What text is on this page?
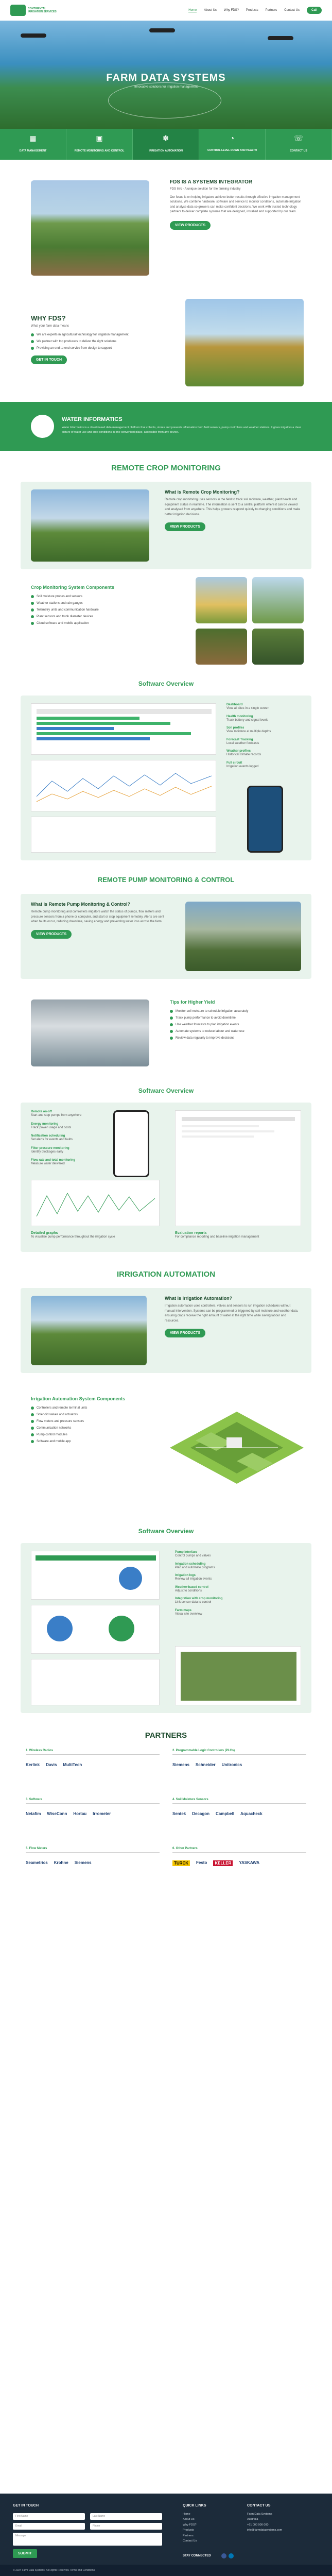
CONTINENTAL IRRIGATION SERVICES
Home About Us Why FDS? Products Partners Contact Us	Call
FARM DATA SYSTEMS
Innovative solutions for irrigation management
▦
DATA MANAGEMENT
▣
REMOTE MONITORING AND CONTROL
✽
IRRIGATION AUTOMATION
◔
CONTROL LEVEL DOWN AND HEALTH
☏
CONTACT US
FDS IS A SYSTEMS INTEGRATOR
FDS Info - A unique solution for the farming industry
Our focus is on helping irrigators achieve better results through effective irrigation management solutions. We combine hardware, software and service to monitor conditions, automate irrigation and analyse data so growers can make confident decisions. We work with trusted technology partners to deliver complete systems that are designed, installed and supported by our team.
VIEW PRODUCTS
WHY FDS?
What your farm data means
We are experts in agricultural technology for irrigation management
We partner with top producers to deliver the right solutions
Providing an end-to-end service from design to support
GET IN TOUCH
WATER INFORMATICS
Water Informatics is a cloud-based data management platform that collects, stores and presents information from field sensors, pump controllers and weather stations. It gives irrigators a clear picture of water use and crop conditions in one convenient place, accessible from any device.
REMOTE CROP MONITORING
What is Remote Crop Monitoring?
Remote crop monitoring uses sensors in the field to track soil moisture, weather, plant health and equipment status in real time. The information is sent to a central platform where it can be viewed and analysed from anywhere. This helps growers respond quickly to changing conditions and make better irrigation decisions.
VIEW PRODUCTS
Crop Monitoring System Components
Soil moisture probes and sensors
Weather stations and rain gauges
Telemetry units and communication hardware
Plant sensors and trunk diameter devices
Cloud software and mobile application
Software Overview
Dashboard
View all sites in a single screen
Health monitoring
Track battery and signal levels
Soil profiles
View moisture at multiple depths
Forecast Tracking
Local weather forecasts
Weather profiles
Historical climate records
Full circuit
Irrigation events logged
REMOTE PUMP MONITORING & CONTROL
What is Remote Pump Monitoring & Control?
Remote pump monitoring and control lets irrigators watch the status of pumps, flow meters and pressure sensors from a phone or computer, and start or stop equipment remotely. Alerts are sent when faults occur, reducing downtime, saving energy and preventing water loss across the farm.
VIEW PRODUCTS
Tips for Higher Yield
Monitor soil moisture to schedule irrigation accurately
Track pump performance to avoid downtime
Use weather forecasts to plan irrigation events
Automate systems to reduce labour and water use
Review data regularly to improve decisions
Software Overview
Remote on-off
Start and stop pumps from anywhere
Energy monitoring
Track power usage and costs
Notification scheduling
Set alerts for events and faults
Filter pressure monitoring
Identify blockages early
Flow rate and total monitoring
Measure water delivered
Detailed graphs
To visualise pump performance throughout the irrigation cycle
Evaluation reports
For compliance reporting and baseline irrigation management
IRRIGATION AUTOMATION
What is Irrigation Automation?
Irrigation automation uses controllers, valves and sensors to run irrigation schedules without manual intervention. Systems can be programmed or triggered by soil moisture and weather data, ensuring crops receive the right amount of water at the right time while saving labour and resources.
VIEW PRODUCTS
Irrigation Automation System Components
Controllers and remote terminal units
Solenoid valves and actuators
Flow meters and pressure sensors
Communication networks
Pump control modules
Software and mobile app
Software Overview
Pump Interface
Control pumps and valves
Irrigation scheduling
Plan and automate programs
Irrigation logs
Review all irrigation events
Weather-based control
Adjust to conditions
Integration with crop monitoring
Link sensor data to control
Farm maps
Visual site overview
PARTNERS
1. Wireless Radios
Kerlink Davis MultiTech
2. Programmable Logic Controllers (PLCs)
Siemens Schneider Unitronics
3. Software
Netafim WiseConn Hortau Irrometer
4. Soil Moisture Sensors
Sentek Decagon Campbell Aquacheck
5. Flow Meters
Seametrics Krohne Siemens
6. Other Partners
TURCK	Festo	KELLER	YASKAWA
GET IN TOUCH
First Name	Last Name
Email	Phone
Message
SUBMIT
QUICK LINKS
Home
About Us
Why FDS?
Products
Partners
Contact Us
STAY CONNECTED
CONTACT US
Farm Data Systems
Australia
+61 000 000 000
info@farmdatasystems.com
© 2024 Farm Data Systems. All Rights Reserved. Terms and Conditions
